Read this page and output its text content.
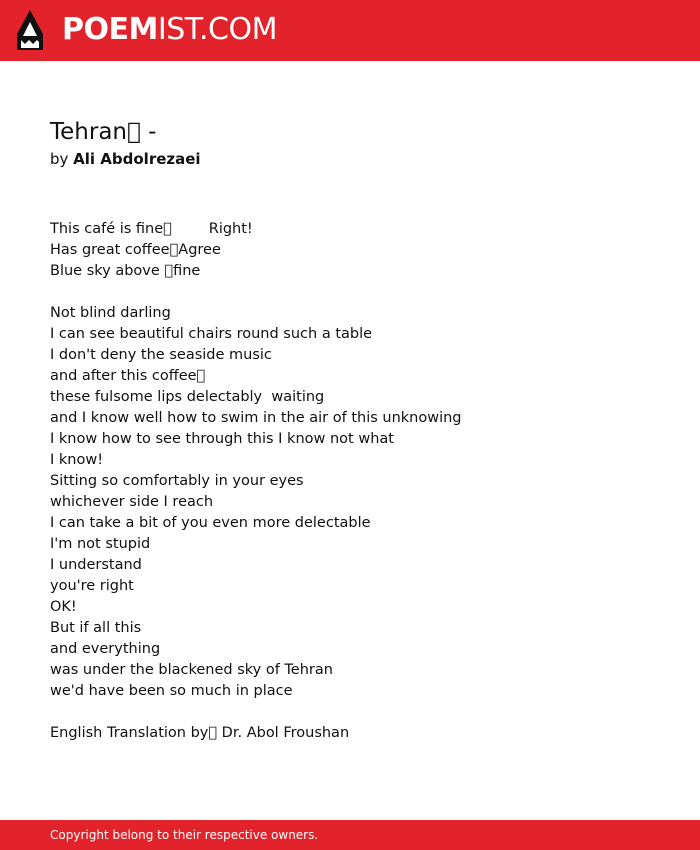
POEMIST.COM
Tehran  -
by Ali Abdolrezaei
This café is fine         Right!
Has great coffee Agree
Blue sky above  fine
Not blind darling
I can see beautiful chairs round such a table
I don't deny the seaside music
and after this coffee 
these fulsome lips delectably  waiting
and I know well how to swim in the air of this unknowing
I know how to see through this I know not what
I know!
Sitting so comfortably in your eyes
whichever side I reach
I can take a bit of you even more delectable
I'm not stupid
I understand
you're right
OK!
But if all this
and everything
was under the blackened sky of Tehran
we'd have been so much in place
English Translation by  Dr. Abol Froushan
Copyright belong to their respective owners.
